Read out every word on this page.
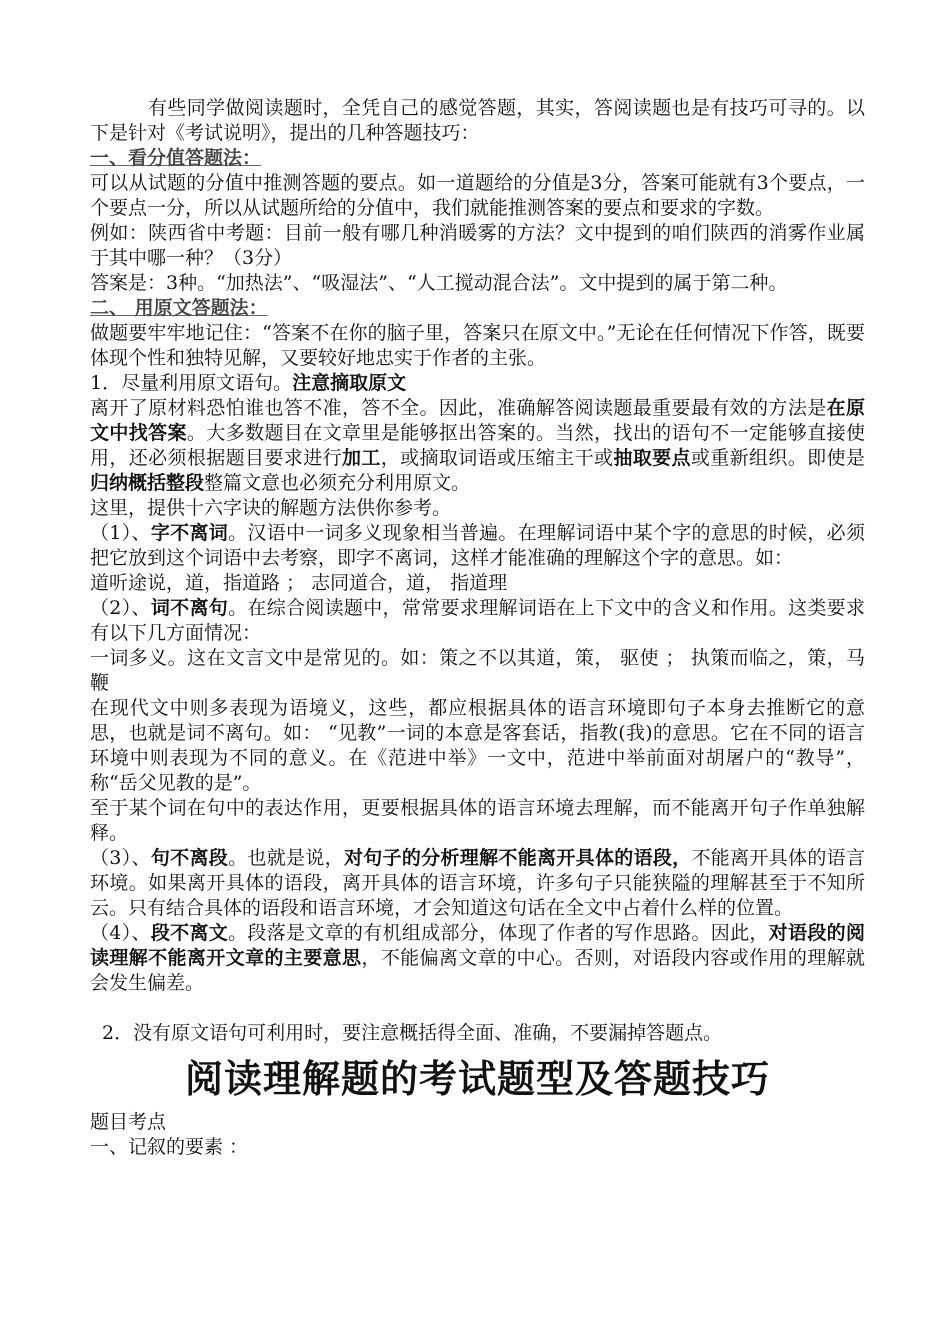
有些同学做阅读题时，全凭自己的感觉答题，其实，答阅读题也是有技巧可寻的。以下是针对《考试说明》，提出的几种答题技巧：

一、看分值答题法：

可以从试题的分值中推测答题的要点。如一道题给的分值是3分，答案可能就有3个要点，一个要点一分，所以从试题所给的分值中，我们就能推测答案的要点和要求的字数。

例如：陕西省中考题：目前一般有哪几种消暖雾的方法？文中提到的咱们陕西的消雾作业属于其中哪一种？（3分）

答案是：3种。“加热法”、“吸湿法”、“人工搅动混合法”。文中提到的属于第二种。

二、 用原文答题法：

做题要牢牢地记住：“答案不在你的脑子里，答案只在原文中。”无论在任何情况下作答，既要体现个性和独特见解，又要较好地忠实于作者的主张。

1．尽量利用原文语句。注意摘取原文

离开了原材料恐怕谁也答不准，答不全。因此，准确解答阅读题最重要最有效的方法是在原文中找答案。大多数题目在文章里是能够抠出答案的。当然，找出的语句不一定能够直接使用，还必须根据题目要求进行加工，或摘取词语或压缩主干或抽取要点或重新组织。即使是归纳概括整段整篇文意也必须充分利用原文。

这里，提供十六字诀的解题方法供你参考。

（1）、字不离词。汉语中一词多义现象相当普遍。在理解词语中某个字的意思的时候，必须把它放到这个词语中去考察，即字不离词，这样才能准确的理解这个字的意思。如：

道听途说，道，指道路 ； 志同道合，道， 指道理

（2）、词不离句。在综合阅读题中，常常要求理解词语在上下文中的含义和作用。这类要求有以下几方面情况：

一词多义。这在文言文中是常见的。如：策之不以其道，策， 驱使 ； 执策而临之，策，马鞭

在现代文中则多表现为语境义，这些，都应根据具体的语言环境即句子本身去推断它的意思，也就是词不离句。如： “见教”一词的本意是客套话，指教(我)的意思。它在不同的语言环境中则表现为不同的意义。在《范进中举》一文中，范进中举前面对胡屠户的“教导”，称“岳父见教的是”。

至于某个词在句中的表达作用，更要根据具体的语言环境去理解，而不能离开句子作单独解释。

（3）、句不离段。也就是说，对句子的分析理解不能离开具体的语段，不能离开具体的语言环境。如果离开具体的语段，离开具体的语言环境，许多句子只能狭隘的理解甚至于不知所云。只有结合具体的语段和语言环境，才会知道这句话在全文中占着什么样的位置。

（4）、段不离文。段落是文章的有机组成部分，体现了作者的写作思路。因此，对语段的阅读理解不能离开文章的主要意思，不能偏离文章的中心。否则，对语段内容或作用的理解就会发生偏差。

2．没有原文语句可利用时，要注意概括得全面、准确，不要漏掉答题点。

阅读理解题的考试题型及答题技巧

题目考点

一、记叙的要素 ：
